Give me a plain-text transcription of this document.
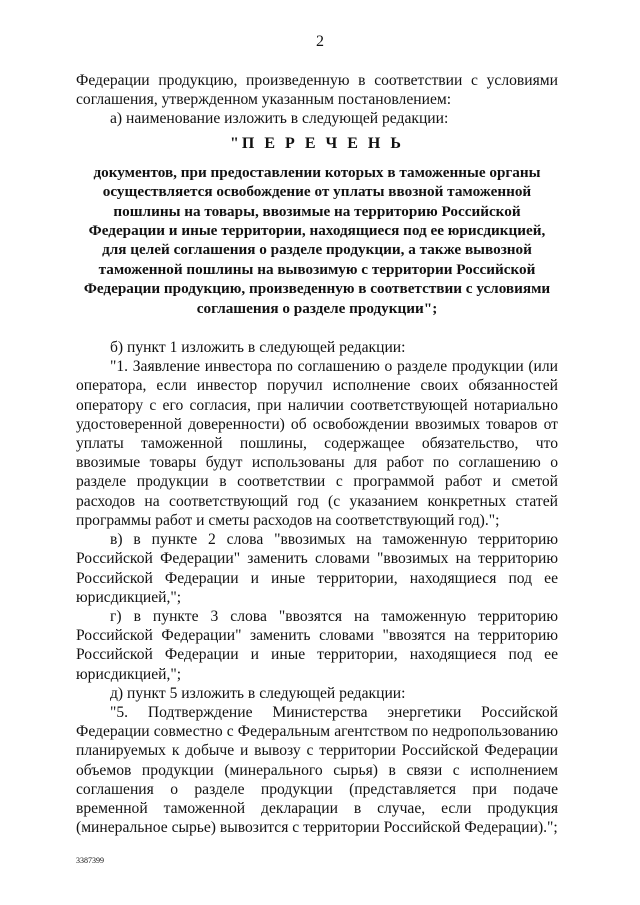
2

Федерации продукцию, произведенную в соответствии с условиями соглашения, утвержденном указанным постановлением:

а) наименование изложить в следующей редакции:

"П Е Р Е Ч Е Н Ь

документов, при предоставлении которых в таможенные органы осуществляется освобождение от уплаты ввозной таможенной пошлины на товары, ввозимые на территорию Российской Федерации и иные территории, находящиеся под ее юрисдикцией, для целей соглашения о разделе продукции, а также вывозной таможенной пошлины на вывозимую с территории Российской Федерации продукцию, произведенную в соответствии с условиями соглашения о разделе продукции";

б) пункт 1 изложить в следующей редакции:

"1. Заявление инвестора по соглашению о разделе продукции (или оператора, если инвестор поручил исполнение своих обязанностей оператору с его согласия, при наличии соответствующей нотариально удостоверенной доверенности) об освобождении ввозимых товаров от уплаты таможенной пошлины, содержащее обязательство, что ввозимые товары будут использованы для работ по соглашению о разделе продукции в соответствии с программой работ и сметой расходов на соответствующий год (с указанием конкретных статей программы работ и сметы расходов на соответствующий год).";

в) в пункте 2 слова "ввозимых на таможенную территорию Российской Федерации" заменить словами "ввозимых на территорию Российской Федерации и иные территории, находящиеся под ее юрисдикцией,";

г) в пункте 3 слова "ввозятся на таможенную территорию Российской Федерации" заменить словами "ввозятся на территорию Российской Федерации и иные территории, находящиеся под ее юрисдикцией,";

д) пункт 5 изложить в следующей редакции:

"5. Подтверждение Министерства энергетики Российской Федерации совместно с Федеральным агентством по недропользованию планируемых к добыче и вывозу с территории Российской Федерации объемов продукции (минерального сырья) в связи с исполнением соглашения о разделе продукции (представляется при подаче временной таможенной декларации в случае, если продукция (минеральное сырье) вывозится с территории Российской Федерации).";

3387399
